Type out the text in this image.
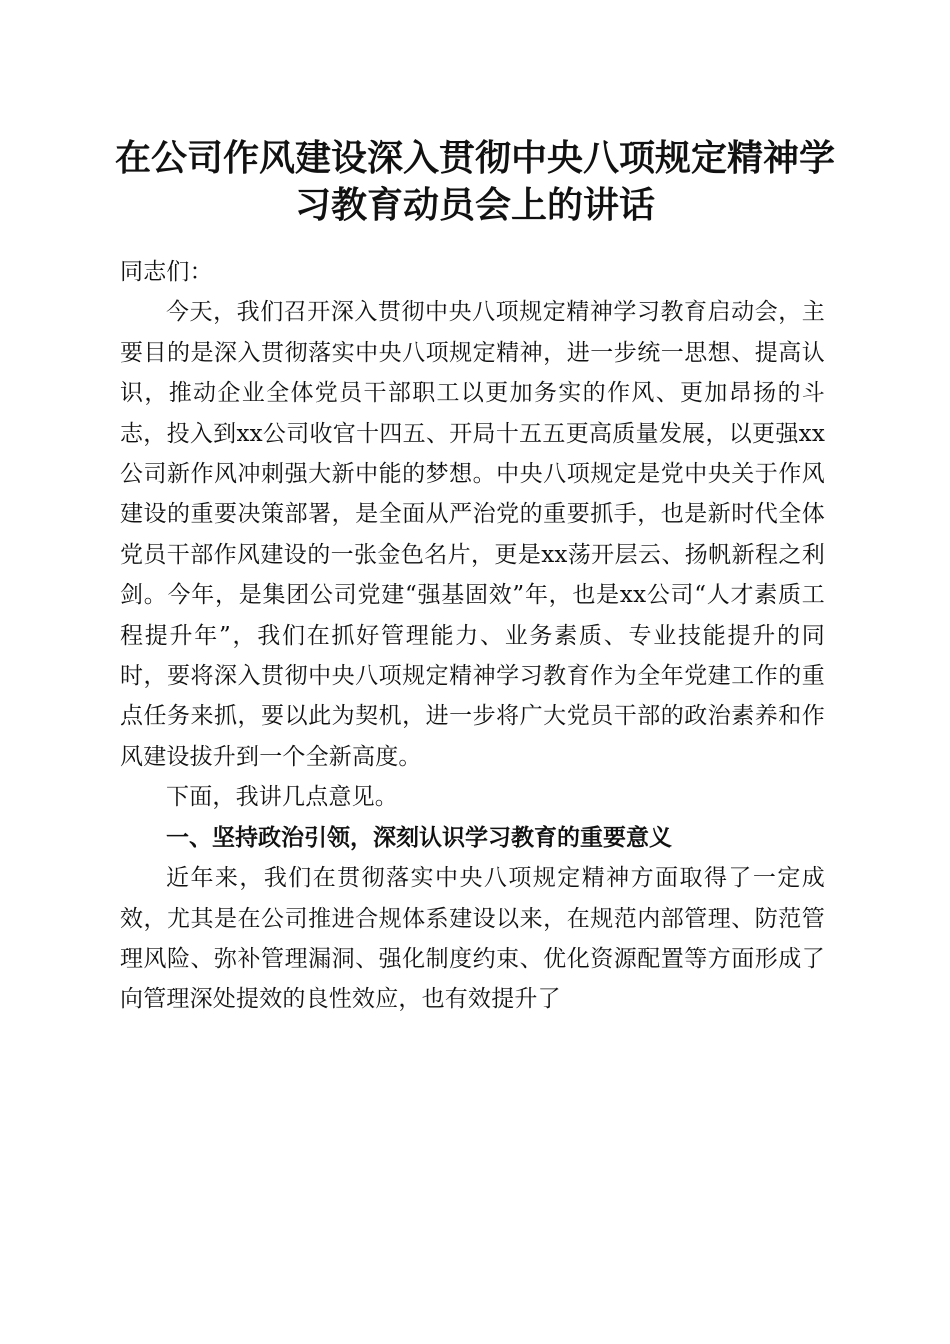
在公司作风建设深入贯彻中央八项规定精神学习教育动员会上的讲话

同志们：

今天，我们召开深入贯彻中央八项规定精神学习教育启动会，主要目的是深入贯彻落实中央八项规定精神，进一步统一思想、提高认识，推动企业全体党员干部职工以更加务实的作风、更加昂扬的斗志，投入到xx公司收官十四五、开局十五五更高质量发展，以更强xx公司新作风冲刺强大新中能的梦想。中央八项规定是党中央关于作风建设的重要决策部署，是全面从严治党的重要抓手，也是新时代全体党员干部作风建设的一张金色名片，更是xx荡开层云、扬帆新程之利剑。今年，是集团公司党建“强基固效”年，也是xx公司“人才素质工程提升年”，我们在抓好管理能力、业务素质、专业技能提升的同时，要将深入贯彻中央八项规定精神学习教育作为全年党建工作的重点任务来抓，要以此为契机，进一步将广大党员干部的政治素养和作风建设拔升到一个全新高度。

下面，我讲几点意见。

一、坚持政治引领，深刻认识学习教育的重要意义

近年来，我们在贯彻落实中央八项规定精神方面取得了一定成效，尤其是在公司推进合规体系建设以来，在规范内部管理、防范管理风险、弥补管理漏洞、强化制度约束、优化资源配置等方面形成了向管理深处提效的良性效应，也有效提升了
